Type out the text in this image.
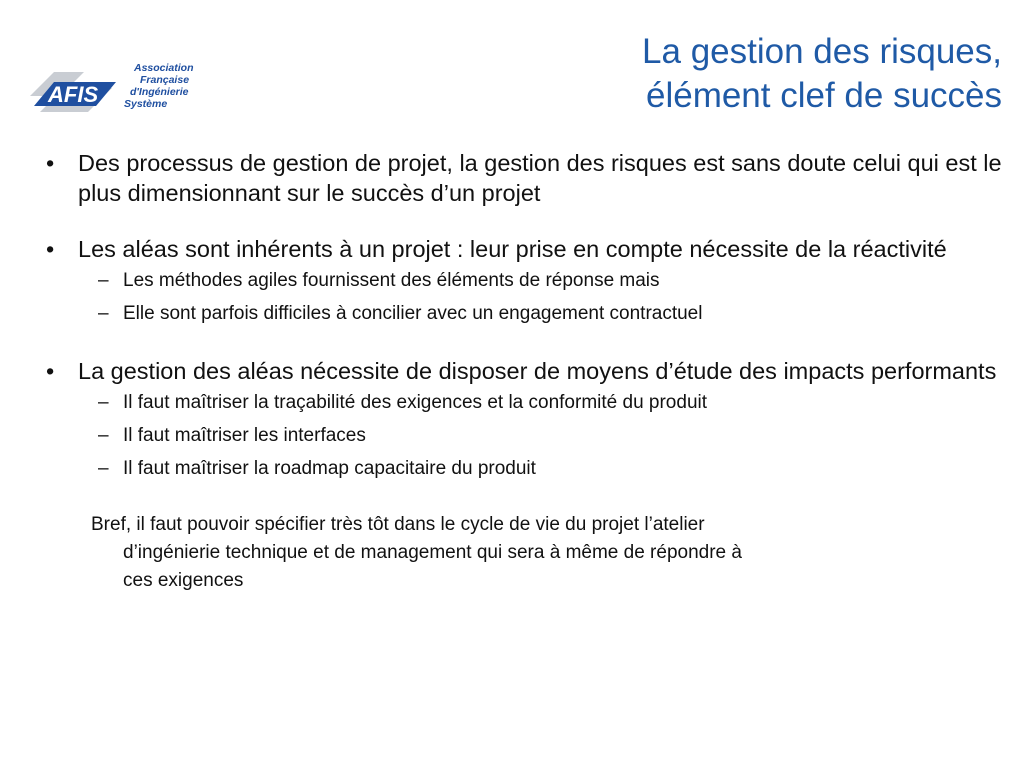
AFIS
Association
Française
d'Ingénierie
Système
La gestion des risques,
élément clef de succès
• Des processus de gestion de projet, la gestion des risques est sans doute celui qui est le plus dimensionnant sur le succès d’un projet
• Les aléas sont inhérents à un projet : leur prise en compte nécessite de la réactivité
– Les méthodes agiles fournissent des éléments de réponse mais
– Elle sont parfois difficiles à concilier avec un engagement contractuel
• La gestion des aléas nécessite de disposer de moyens d’étude des impacts performants
– Il faut maîtriser la traçabilité des exigences et la conformité du produit
– Il faut maîtriser les interfaces
– Il faut maîtriser la roadmap capacitaire du produit
Bref, il faut pouvoir spécifier très tôt dans le cycle de vie du projet l’atelier
d’ingénierie technique et de management qui sera à même de répondre à
ces exigences
